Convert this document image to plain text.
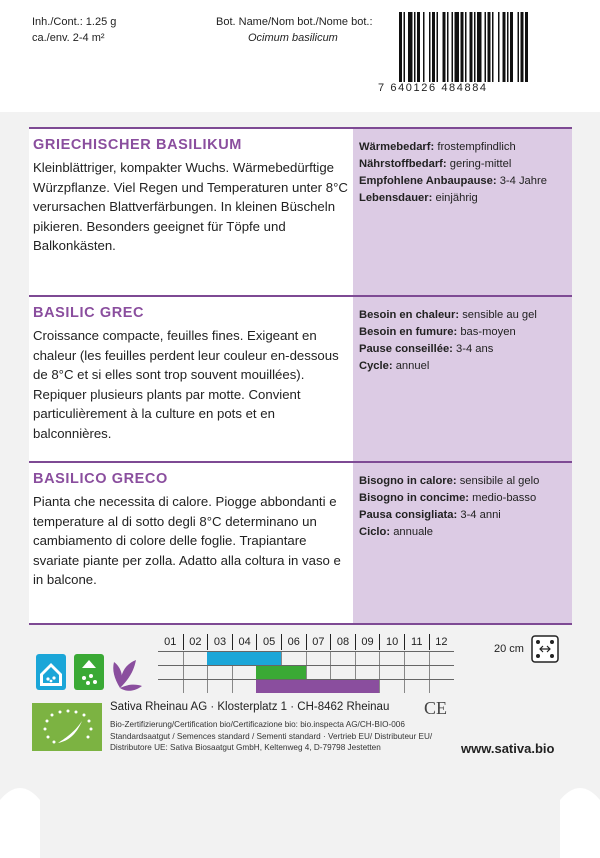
Inh./Cont.: 1.25 g
ca./env. 2-4 m²
Bot. Name/Nom bot./Nome bot.:
Ocimum basilicum
7 640126 484884
GRIECHISCHER BASILIKUM
Kleinblättriger, kompakter Wuchs. Wärmebedürftige Würzpflanze. Viel Regen und Temperaturen unter 8°C verursachen Blattverfärbungen. In kleinen Büscheln pikieren. Besonders geeignet für Töpfe und Balkonkästen.
Wärmebedarf: frostempfindlich
Nährstoffbedarf: gering-mittel
Empfohlene Anbaupause: 3-4 Jahre
Lebensdauer: einjährig
BASILIC GREC
Croissance compacte, feuilles fines. Exigeant en chaleur (les feuilles perdent leur couleur en-dessous de 8°C et si elles sont trop souvent mouillées). Repiquer plusieurs plants par motte. Convient particulièrement à la culture en pots et en balconnières.
Besoin en chaleur: sensible au gel
Besoin en fumure: bas-moyen
Pause conseillée: 3-4 ans
Cycle: annuel
BASILICO GRECO
Pianta che necessita di calore. Piogge abbondanti e temperature al di sotto degli 8°C determinano un cambiamento di colore delle foglie. Trapiantare svariate piante per zolla. Adatto alla coltura in vaso e in balcone.
Bisogno in calore: sensibile al gelo
Bisogno in concime: medio-basso
Pausa consigliata: 3-4 anni
Ciclo: annuale
01	02	03	04	05	06	07	08	09	10	11	12
20 cm
Sativa Rheinau AG · Klosterplatz 1 · CH-8462 Rheinau CE
Bio-Zertifizierung/Certification bio/Certificazione bio: bio.inspecta AG/CH-BIO-006
Standardsaatgut / Semences standard / Sementi standard · Vertrieb EU/ Distributeur EU/ Distributore UE: Sativa Biosaatgut GmbH, Keltenweg 4, D-79798 Jestetten	www.sativa.bio
